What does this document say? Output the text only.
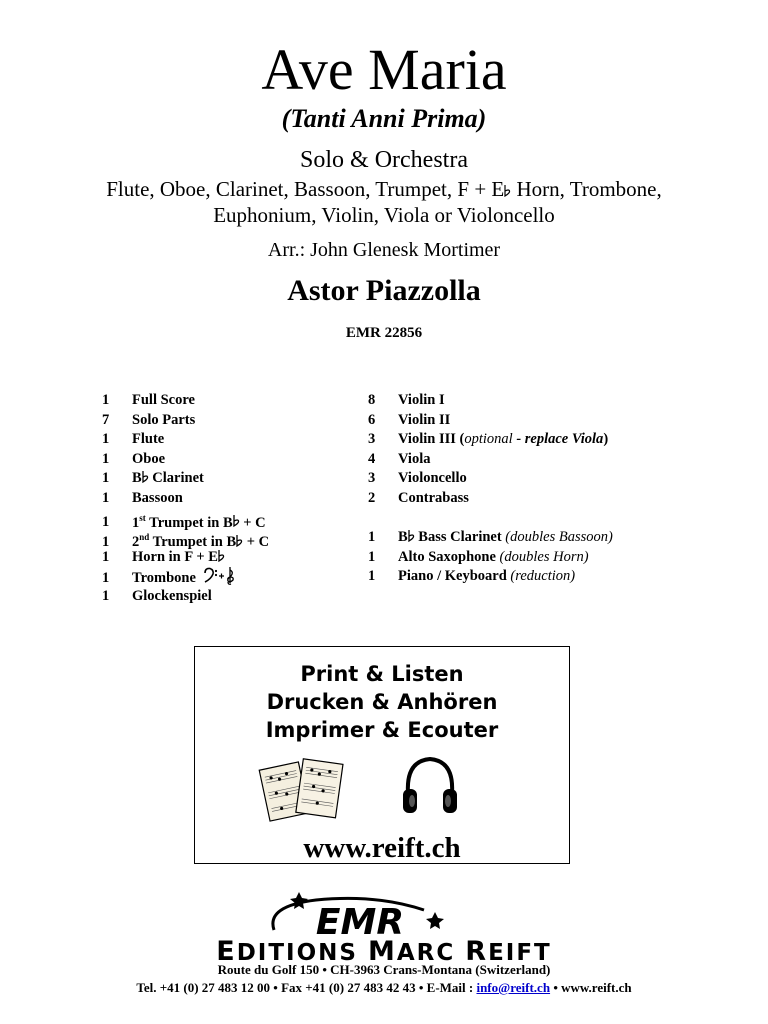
Ave Maria
(Tanti Anni Prima)
Solo & Orchestra
Flute, Oboe, Clarinet, Bassoon, Trumpet, F + E Horn, Trombone,
Euphonium, Violin, Viola or Violoncello
Arr.: John Glenesk Mortimer
Astor Piazzolla
EMR 22856
1 Full Score
7 Solo Parts
1 Flute
1 Oboe
1 B Clarinet
1 Bassoon
1 1st Trumpet in B + C
1 2nd Trumpet in B + C
1 Horn in F + E
1 Trombone
1 Glockenspiel
8 Violin I
6 Violin II
3 Violin III (optional - replace Viola)
4 Viola
3 Violoncello
2 Contrabass
1 B Bass Clarinet (doubles Bassoon)
1 Alto Saxophone (doubles Horn)
1 Piano / Keyboard (reduction)
Print & Listen
Drucken & Anhören
Imprimer & Ecouter
www.reift.ch
EMR
EDITIONS MARC REIFT
Route du Golf 150 • CH-3963 Crans-Montana (Switzerland)
Tel. +41 (0) 27 483 12 00 • Fax +41 (0) 27 483 42 43 • E-Mail : info@reift.ch • www.reift.ch
